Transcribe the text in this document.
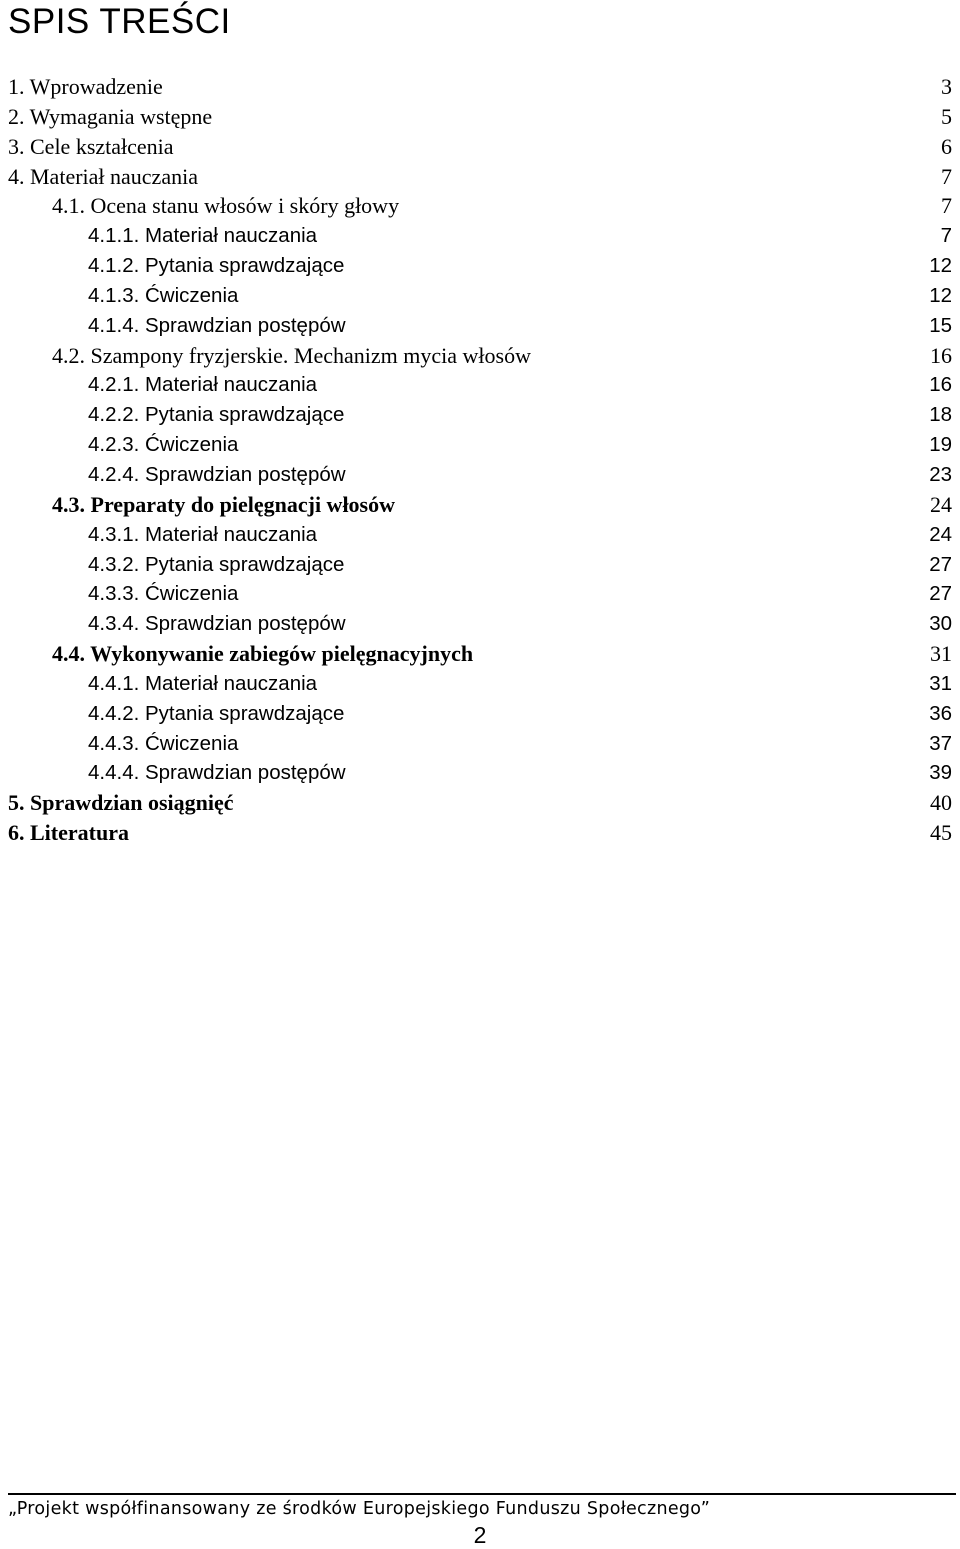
SPIS TREŚCI
1. Wprowadzenie	3
2. Wymagania wstępne	5
3. Cele kształcenia	6
4. Materiał nauczania	7
4.1. Ocena stanu włosów i skóry głowy	7
4.1.1. Materiał nauczania	7
4.1.2. Pytania sprawdzające	12
4.1.3. Ćwiczenia	12
4.1.4. Sprawdzian postępów	15
4.2. Szampony fryzjerskie. Mechanizm mycia włosów	16
4.2.1. Materiał nauczania	16
4.2.2. Pytania sprawdzające	18
4.2.3. Ćwiczenia	19
4.2.4. Sprawdzian postępów	23
4.3. Preparaty do pielęgnacji włosów	24
4.3.1. Materiał nauczania	24
4.3.2. Pytania sprawdzające	27
4.3.3. Ćwiczenia	27
4.3.4. Sprawdzian postępów	30
4.4. Wykonywanie zabiegów pielęgnacyjnych	31
4.4.1. Materiał nauczania	31
4.4.2. Pytania sprawdzające	36
4.4.3. Ćwiczenia	37
4.4.4. Sprawdzian postępów	39
5. Sprawdzian osiągnięć	40
6. Literatura	45
„Projekt współfinansowany ze środków Europejskiego Funduszu Społecznego”
2
